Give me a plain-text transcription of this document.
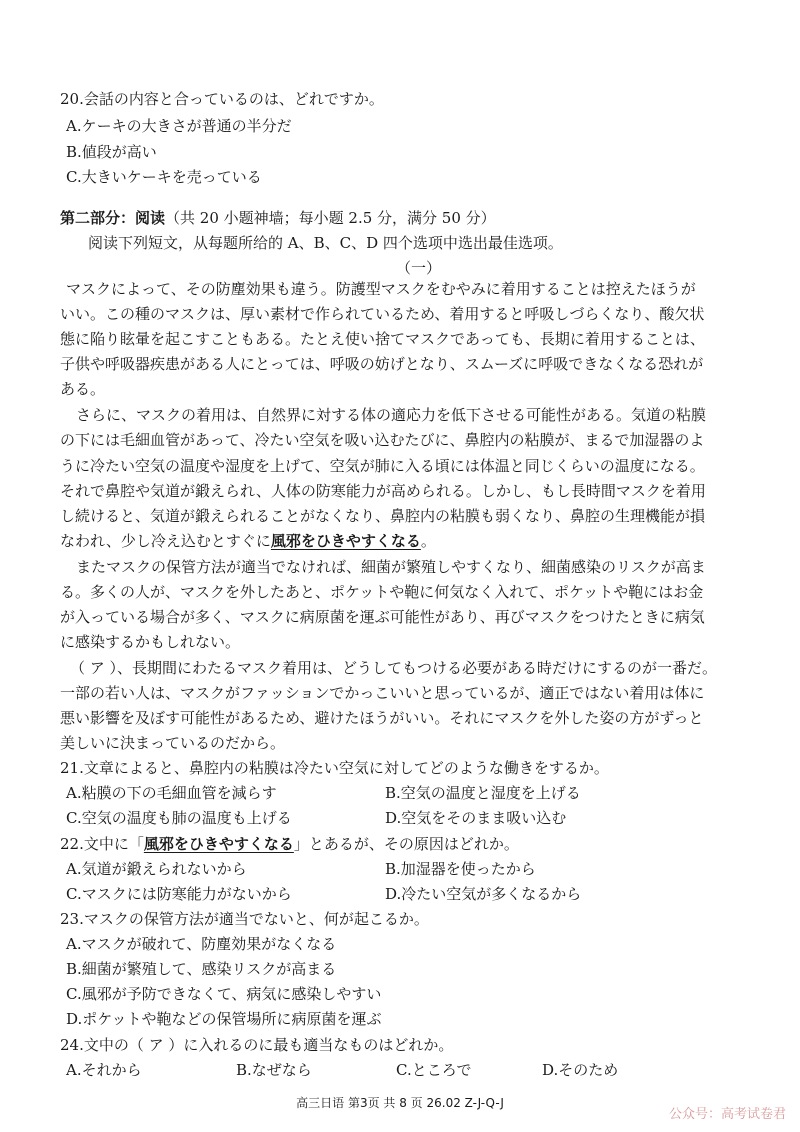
20.会話の内容と合っているのは、どれですか。
A.ケーキの大きさが普通の半分だ
B.値段が高い
C.大きいケーキを売っている
第二部分：阅读（共 20 小题神墙；每小题 2.5 分，满分 50 分）
阅读下列短文，从每题所给的 A、B、C、D 四个选项中选出最佳选项。
（一）
マスクによって、その防塵効果も違う。防護型マスクをむやみに着用することは控えたほうが
いい。この種のマスクは、厚い素材で作られているため、着用すると呼吸しづらくなり、酸欠状
態に陥り眩暈を起こすこともある。たとえ使い捨てマスクであっても、長期に着用することは、
子供や呼吸器疾患がある人にとっては、呼吸の妨げとなり、スムーズに呼吸できなくなる恐れが
ある。
さらに、マスクの着用は、自然界に対する体の適応力を低下させる可能性がある。気道の粘膜
の下には毛細血管があって、冷たい空気を吸い込むたびに、鼻腔内の粘膜が、まるで加湿器のよ
うに冷たい空気の温度や湿度を上げて、空気が肺に入る頃には体温と同じくらいの温度になる。
それで鼻腔や気道が鍛えられ、人体の防寒能力が高められる。しかし、もし長時間マスクを着用
し続けると、気道が鍛えられることがなくなり、鼻腔内の粘膜も弱くなり、鼻腔の生理機能が損
なわれ、少し冷え込むとすぐに風邪をひきやすくなる。
またマスクの保管方法が適当でなければ、細菌が繁殖しやすくなり、細菌感染のリスクが高ま
る。多くの人が、マスクを外したあと、ポケットや鞄に何気なく入れて、ポケットや鞄にはお金
が入っている場合が多く、マスクに病原菌を運ぶ可能性があり、再びマスクをつけたときに病気
に感染するかもしれない。
（ ア ）、長期間にわたるマスク着用は、どうしてもつける必要がある時だけにするのが一番だ。
一部の若い人は、マスクがファッションでかっこいいと思っているが、適正ではない着用は体に
悪い影響を及ぼす可能性があるため、避けたほうがいい。それにマスクを外した姿の方がずっと
美しいに決まっているのだから。
21.文章によると、鼻腔内の粘膜は冷たい空気に対してどのような働きをするか。
A.粘膜の下の毛細血管を減らす	B.空気の温度と湿度を上げる
C.空気の温度も肺の温度も上げる	D.空気をそのまま吸い込む
22.文中に「風邪をひきやすくなる」とあるが、その原因はどれか。
A.気道が鍛えられないから	B.加湿器を使ったから
C.マスクには防寒能力がないから	D.冷たい空気が多くなるから
23.マスクの保管方法が適当でないと、何が起こるか。
A.マスクが破れて、防塵効果がなくなる
B.細菌が繁殖して、感染リスクが高まる
C.風邪が予防できなくて、病気に感染しやすい
D.ポケットや鞄などの保管場所に病原菌を運ぶ
24.文中の（ ア ）に入れるのに最も適当なものはどれか。
A.それから	B.なぜなら	C.ところで	D.そのため
高三日语 第3页 共 8 页 26.02 Z-J-Q-J
公众号：高考试卷君
